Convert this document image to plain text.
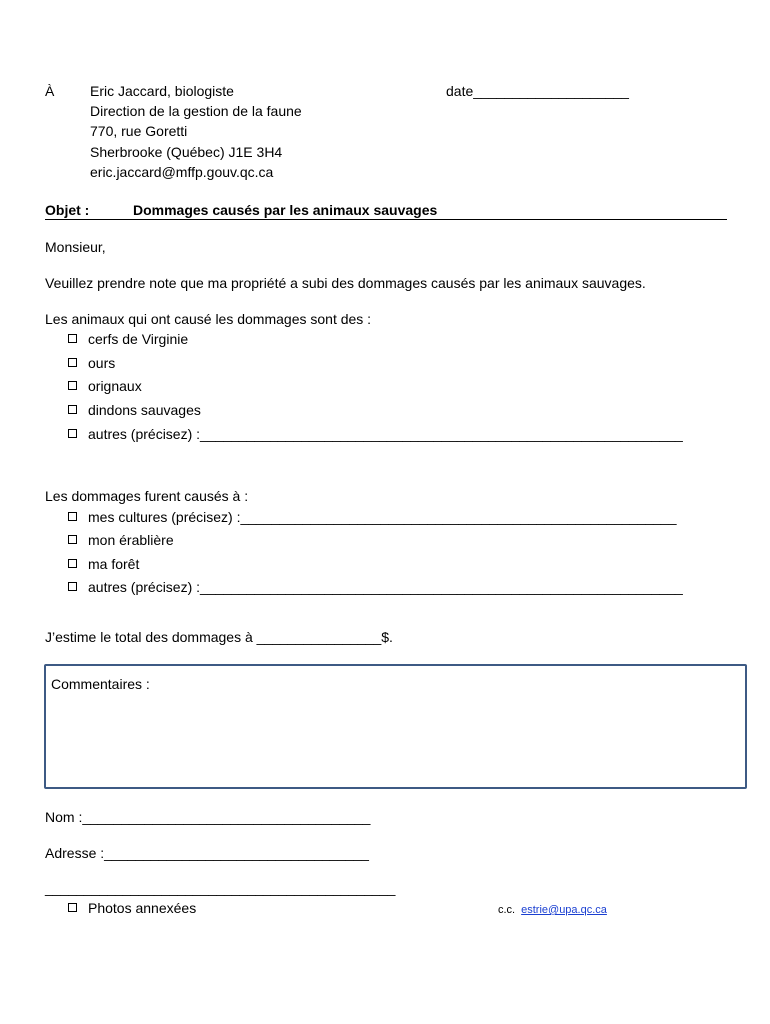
À	Eric Jaccard, biologiste
Direction de la gestion de la faune
770, rue Goretti
Sherbrooke (Québec) J1E 3H4
eric.jaccard@mffp.gouv.qc.ca
date____________________
Objet :	Dommages causés par les animaux sauvages
Monsieur,
Veuillez prendre note que ma propriété a subi des dommages causés par les animaux sauvages.
Les animaux qui ont causé les dommages sont des :
cerfs de Virginie
ours
orignaux
dindons sauvages
autres (précisez) :______________________________________________________________
Les dommages furent causés à :
mes cultures (précisez) :________________________________________________________
mon érablière
ma forêt
autres (précisez) :______________________________________________________________
J’estime le total des dommages à ________________$.
Commentaires :
Nom :_____________________________________
Adresse :__________________________________
_____________________________________________
Photos annexées	c.c. estrie@upa.qc.ca
